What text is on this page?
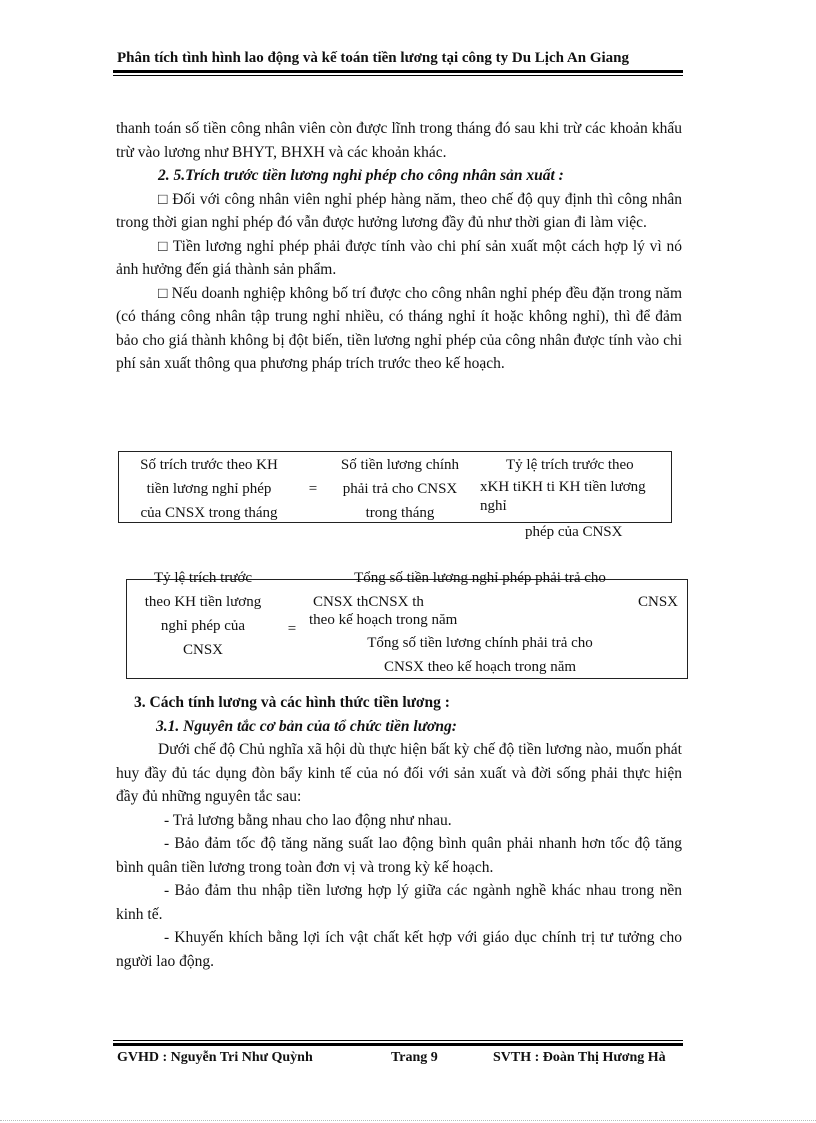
Phân tích tình hình lao động và kế toán tiền lương tại công ty Du Lịch An Giang

thanh toán số tiền công nhân viên còn được lĩnh trong tháng đó sau khi trừ các khoản khấu trừ vào lương như BHYT, BHXH và các khoản khác.

2. 5.Trích trước tiền lương nghỉ phép cho công nhân sản xuất :

□ Đối với công nhân viên nghỉ phép hàng năm, theo chế độ quy định thì công nhân trong thời gian nghỉ phép đó vẫn được hưởng lương đầy đủ như thời gian đi làm việc.

□ Tiền lương nghỉ phép phải được tính vào chi phí sản xuất một cách hợp lý vì nó ảnh hưởng đến giá thành sản phẩm.

□ Nếu doanh nghiệp không bố trí được cho công nhân nghỉ phép đều đặn trong năm (có tháng công nhân tập trung nghỉ nhiều, có tháng nghỉ ít hoặc không nghỉ), thì để đảm bảo cho giá thành không bị đột biến, tiền lương nghỉ phép của công nhân được tính vào chi phí sản xuất thông qua phương pháp trích trước theo kế hoạch.

Số trích trước theo KH
tiền lương nghỉ phép
của CNSX trong tháng
=
Số tiền lương chính
phải trả cho CNSX
trong tháng
Tỷ lệ trích trước theo
xKH tiKH ti KH tiền lương
nghỉ
phép của CNSX
Tỷ lệ trích trước
theo KH tiền lương
nghỉ phép của
CNSX
=
Tổng số tiền lương nghỉ phép phải trả cho
CNSX thCNSX th	CNSX
theo kế hoạch trong năm
Tổng số tiền lương chính phải trả cho
CNSX theo kế hoạch trong năm

3. Cách tính lương và các hình thức tiền lương :

3.1. Nguyên tắc cơ bản của tổ chức tiền lương:

Dưới chế độ Chủ nghĩa xã hội dù thực hiện bất kỳ chế độ tiền lương nào, muốn phát huy đầy đủ tác dụng đòn bẩy kinh tế của nó đối với sản xuất và đời sống phải thực hiện đầy đủ những nguyên tắc sau:

- Trả lương bằng nhau cho lao động như nhau.

- Bảo đảm tốc độ tăng năng suất lao động bình quân phải nhanh hơn tốc độ tăng bình quân tiền lương trong toàn đơn vị và trong kỳ kế hoạch.

- Bảo đảm thu nhập tiền lương hợp lý giữa các ngành nghề khác nhau trong nền kinh tế.

- Khuyến khích bằng lợi ích vật chất kết hợp với giáo dục chính trị tư tưởng cho người lao động.

GVHD : Nguyễn Tri Như Quỳnh	Trang 9	SVTH : Đoàn Thị Hương Hà
